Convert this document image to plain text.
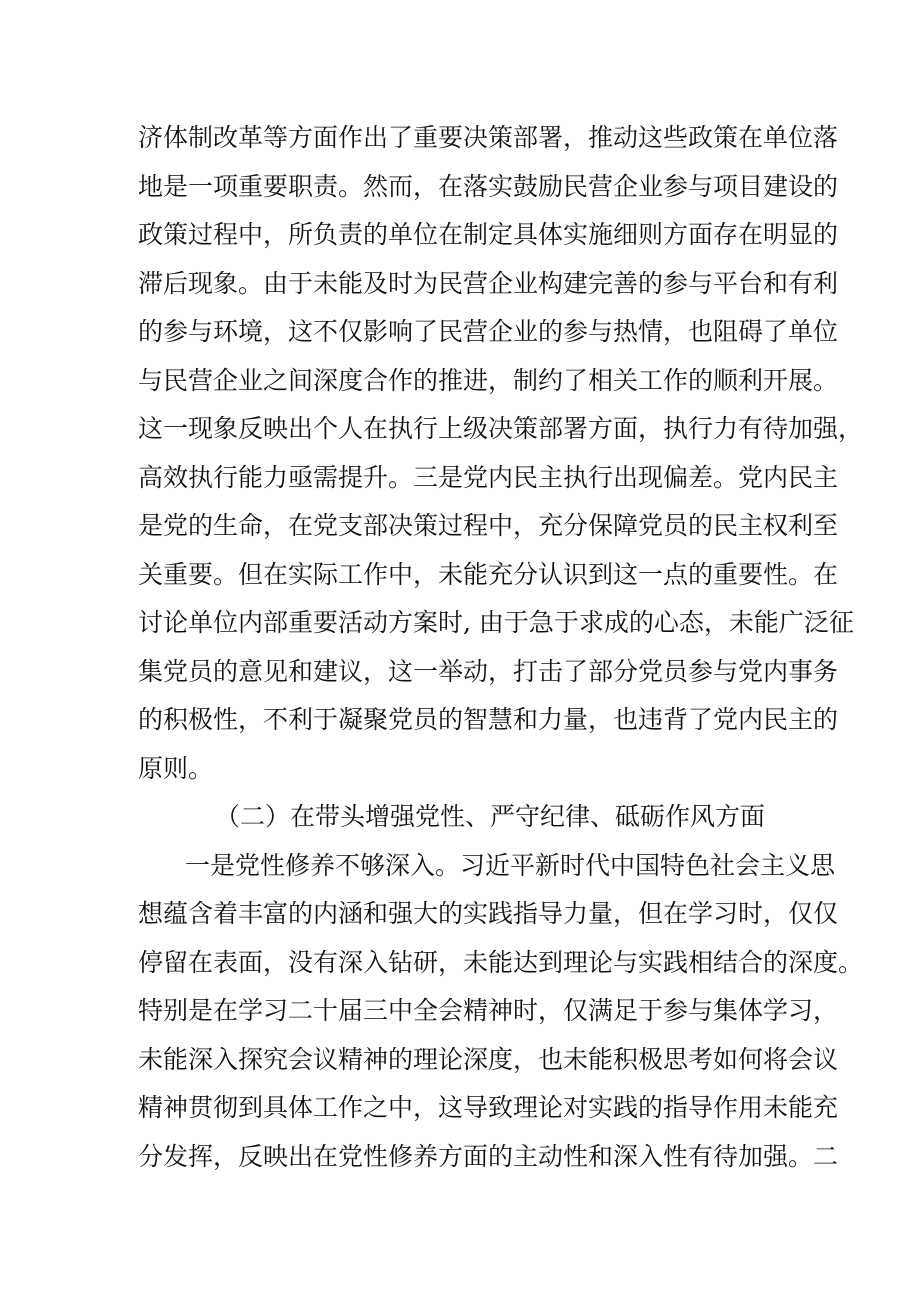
济体制改革等方面作出了重要决策部署，推动这些政策在单位落
地是一项重要职责。然而，在落实鼓励民营企业参与项目建设的
政策过程中，所负责的单位在制定具体实施细则方面存在明显的
滞后现象。由于未能及时为民营企业构建完善的参与平台和有利
的参与环境，这不仅影响了民营企业的参与热情，也阻碍了单位
与民营企业之间深度合作的推进，制约了相关工作的顺利开展。
这一现象反映出个人在执行上级决策部署方面，执行力有待加强，
高效执行能力亟需提升。三是党内民主执行出现偏差。党内民主
是党的生命，在党支部决策过程中，充分保障党员的民主权利至
关重要。但在实际工作中，未能充分认识到这一点的重要性。在
讨论单位内部重要活动方案时, 由于急于求成的心态，未能广泛征
集党员的意见和建议，这一举动，打击了部分党员参与党内事务
的积极性，不利于凝聚党员的智慧和力量，也违背了党内民主的
原则。
（二）在带头增强党性、严守纪律、砥砺作风方面
一是党性修养不够深入。习近平新时代中国特色社会主义思
想蕴含着丰富的内涵和强大的实践指导力量，但在学习时，仅仅
停留在表面，没有深入钻研，未能达到理论与实践相结合的深度。
特别是在学习二十届三中全会精神时，仅满足于参与集体学习，
未能深入探究会议精神的理论深度，也未能积极思考如何将会议
精神贯彻到具体工作之中，这导致理论对实践的指导作用未能充
分发挥，反映出在党性修养方面的主动性和深入性有待加强。二
